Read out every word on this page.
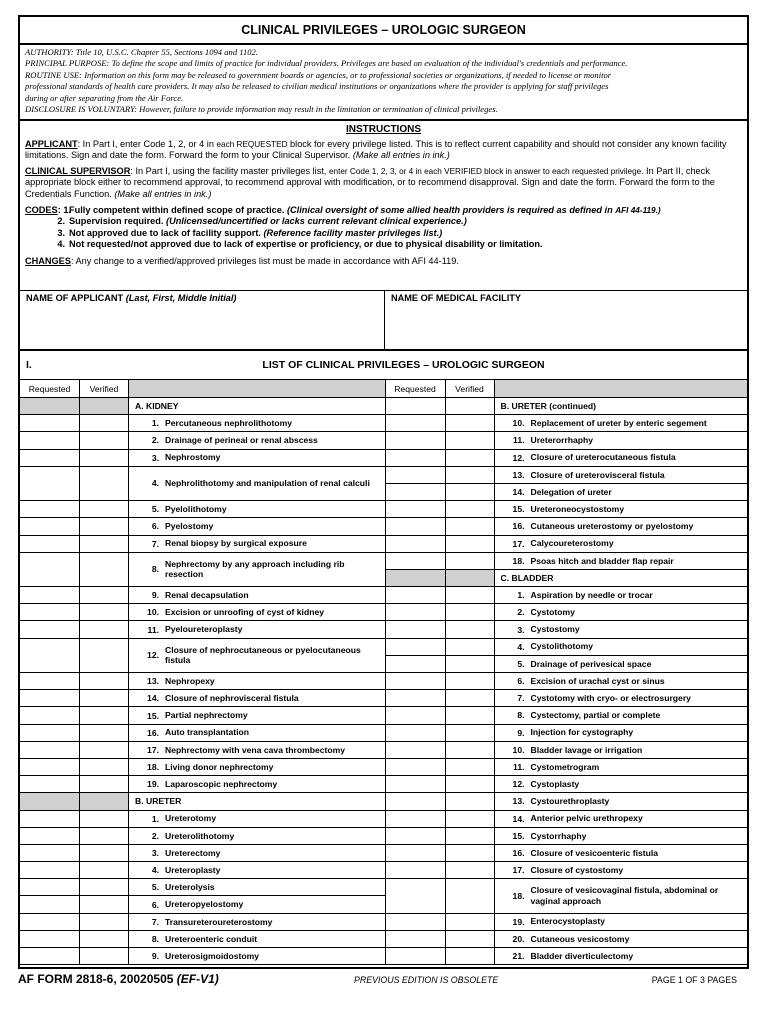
CLINICAL PRIVILEGES – UROLOGIC SURGEON
AUTHORITY: Title 10, U.S.C. Chapter 55, Sections 1094 and 1102.
PRINCIPAL PURPOSE: To define the scope and limits of practice for individual providers. Privileges are based on evaluation of the individual's credentials and performance.
ROUTINE USE: Information on this form may be released to government boards or agencies, or to professional societies or organizations, if needed to license or monitor
professional standards of health care providers. It may also be released to civilian medical institutions or organizations where the provider is applying for staff privileges
during or after separating from the Air Force.
DISCLOSURE IS VOLUNTARY: However, failure to provide information may result in the limitation or termination of clinical privileges.
INSTRUCTIONS

APPLICANT: In Part I, enter Code 1, 2, or 4 in each REQUESTED block for every privilege listed. This is to reflect current capability and should not consider any known facility limitations. Sign and date the form. Forward the form to your Clinical Supervisor. (Make all entries in ink.)

CLINICAL SUPERVISOR: In Part I, using the facility master privileges list, enter Code 1, 2, 3, or 4 in each VERIFIED block in answer to each requested privilege. In Part II, check appropriate block either to recommend approval, to recommend approval with modification, or to recommend disapproval. Sign and date the form. Forward the form to the Credentials Function. (Make all entries in ink.)

CODES: 1.
Fully competent within defined scope of practice. (Clinical oversight of some allied health providers is required as defined in AFI 44-119.)
2. Supervision required. (Unlicensed/uncertified or lacks current relevant clinical experience.)
3. Not approved due to lack of facility support. (Reference facility master privileges list.)
4. Not requested/not approved due to lack of expertise or proficiency, or due to physical disability or limitation.

CHANGES: Any change to a verified/approved privileges list must be made in accordance with AFI 44-119.

NAME OF APPLICANT (Last, First, Middle Initial)	NAME OF MEDICAL FACILITY
I.	LIST OF CLINICAL PRIVILEGES – UROLOGIC SURGEON
Requested	Verified
A. KIDNEY
1. Percutaneous nephrolithotomy
2. Drainage of perineal or renal abscess
3. Nephrostomy
4. Nephrolithotomy and manipulation of renal calculi
5. Pyelolithotomy
6. Pyelostomy
7. Renal biopsy by surgical exposure
8.
Nephrectomy by any approach including rib resection
9. Renal decapsulation
10. Excision or unroofing of cyst of kidney
11. Pyeloureteroplasty
12.
Closure of nephrocutaneous or pyelocutaneous fistula
13. Nephropexy
14. Closure of nephrovisceral fistula
15. Partial nephrectomy
16. Auto transplantation
17. Nephrectomy with vena cava thrombectomy
18. Living donor nephrectomy
19. Laparoscopic nephrectomy
B. URETER
1. Ureterotomy
2. Ureterolithotomy
3. Ureterectomy
4. Ureteroplasty
5. Ureterolysis
6. Ureteropyelostomy
7. Transureteroureterostomy
8. Ureteroenteric conduit
9. Ureterosigmoidostomy
Requested	Verified
B. URETER (continued)
10. Replacement of ureter by enteric segement
11. Ureterorrhaphy
12. Closure of ureterocutaneous fistula
13. Closure of ureterovisceral fistula
14. Delegation of ureter
15. Ureteroneocystostomy
16. Cutaneous ureterostomy or pyelostomy
17. Calycoureterostomy
18. Psoas hitch and bladder flap repair
C. BLADDER
1. Aspiration by needle or trocar
2. Cystotomy
3. Cystostomy
4. Cystolithotomy
5. Drainage of perivesical space
6. Excision of urachal cyst or sinus
7. Cystotomy with cryo- or electrosurgery
8. Cystectomy, partial or complete
9. Injection for cystography
10. Bladder lavage or irrigation
11. Cystometrogram
12. Cystoplasty
13. Cystourethroplasty
14. Anterior pelvic urethropexy
15. Cystorrhaphy
16. Closure of vesicoenteric fistula
17. Closure of cystostomy
18.
Closure of vesicovaginal fistula, abdominal or vaginal approach
19. Enterocystoplasty
20. Cutaneous vesicostomy
21. Bladder diverticulectomy
AF FORM 2818-6, 20020505 (EF-V1)	PREVIOUS EDITION IS OBSOLETE	PAGE 1 OF 3 PAGES
